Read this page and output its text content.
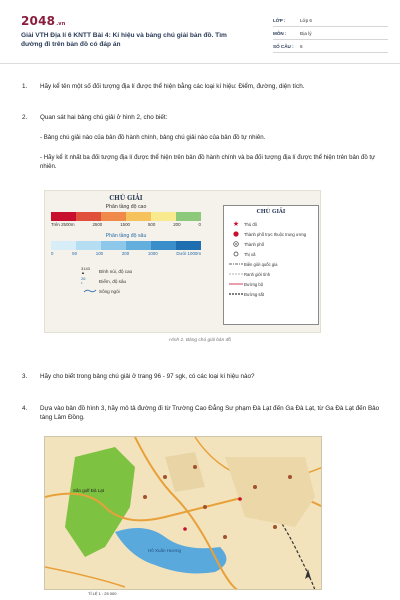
2048.vn
Giải VTH Địa lí 6 KNTT Bài 4: Kí hiệu và bảng chú giải bản đồ. Tìm đường đi trên bản đồ có đáp án
LỚP :	Lớp 6
MÔN :	Địa lý
SỐ CÂU :	6
1. Hãy kể tên một số đối tượng địa lí được thể hiện bằng các loại kí hiệu: Điểm, đường, diện tích.
2. Quan sát hai bảng chú giải ở hình 2, cho biết:
- Bảng chú giải nào của bản đồ hành chính, bảng chú giải nào của bản đồ tự nhiên.
- Hãy kể ít nhất ba đối tượng địa lí được thể hiện trên bản đồ hành chính và ba đối tượng địa lí được thể hiện trên bản đồ tự nhiên.
CHÚ GIẢI
Phân tầng độ cao
Trên 2500m	2500	1500	500	200	0
Phân tầng độ sâu
0	50	100	200	1000	Dưới 1000m
3143
▲	Đỉnh núi, độ cao
26
•	Điểm, độ sâu
Sông ngòi
CHÚ GIẢI
★	Thủ đô
Thành phố trực thuộc trung ương
Thành phố
Thị xã
Biên giới quốc gia
Ranh giới tỉnh
Đường bộ
Đường sắt
Hình 2. Bảng chú giải bản đồ
3. Hãy cho biết trong bảng chú giải ở trang 96 - 97 sgk, có các loại kí hiệu nào?
4. Dựa vào bản đồ hình 3, hãy mô tả đường đi từ Trường Cao Đẳng Sư phạm Đà Lạt đến Ga Đà Lạt, từ Ga Đà Lạt đến Bảo tàng Lâm Đồng.
Sân golf Đà Lạt
Hồ Xuân Hương
TỈ LỆ 1 : 25 000
